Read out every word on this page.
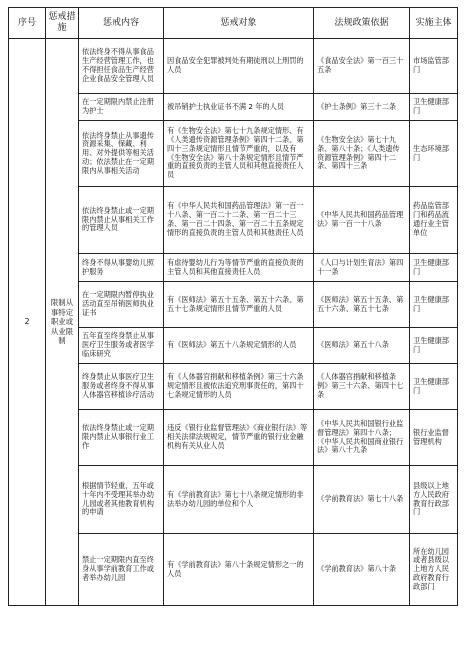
序号	惩戒措施	惩戒内容	惩戒对象	法规政策依据	实施主体
2	限制从事特定职业或从业限制	依法终身不得从事食品生产经营管理工作，也不得担任食品生产经营企业食品安全管理人员	因食品安全犯罪被判处有期徒刑以上刑罚的人员	《食品安全法》第一百三十五条	市场监管部门
		在一定期限内禁止注册为护士	被吊销护士执业证书不满 2 年的人员	《护士条例》第三十二条	卫生健康部门
		依法终身禁止从事遗传资源采集、保藏、利用、对外提供等相关活动；依法禁止在一定期限内从事相关活动	有《生物安全法》第七十九条规定情形、有《人类遗传资源管理条例》第四十二条、第四十三条规定情形且情节严重的，以及有《生物安全法》第八十条规定情形且情节严重的直接负责的主管人员和其他直接责任人员	《生物安全法》第七十九条、第八十条；《人类遗传资源管理条例》第四十二条、第四十三条	生态环境部门
		依法终身禁止或一定期限内禁止从事相关工作的管理人员	有《中华人民共和国药品管理法》第一百一十八条、第一百二十二条、第一百二十三条、第一百二十四条、第一百二十五条规定情形的直接负责的主管人员和其他责任人员	《中华人民共和国药品管理法》第一百一十八条	药品监管部门和药品流通行业主管单位
		终身不得从事婴幼儿照护服务	有虐待婴幼儿行为等情节严重的直接负责的主管人员和其他直接责任人员	《人口与计划生育法》第四十一条	卫生健康部门
		在一定期限内暂停执业活动直至吊销医师执业证书	有《医师法》第五十五条、第五十六条、第五十七条规定情形且情节严重的人员	《医师法》第五十五条、第五十六条、第五十七条	卫生健康部门
		五年直至终身禁止从事医疗卫生服务或者医学临床研究	有《医师法》第五十八条规定情形的人员	《医师法》第五十八条	卫生健康部门
		终身禁止从事医疗卫生服务或者终身不得从事人体器官移植诊疗活动	有《人体器官捐献和移植条例》第三十六条规定情形且被依法追究刑事责任的，第四十七条规定情形的人员	《人体器官捐献和移植条例》第三十六条、第四十七条	卫生健康部门
		依法终身禁止或一定期限内禁止从事银行业工作	违反《银行业监督管理法》《商业银行法》等相关法律法规规定，情节严重的银行业金融机构有关从业人员	《中华人民共和国银行业监督管理法》第四十八条；《中华人民共和国商业银行法》第八十九条	银行业监督管理机构
		根据情节轻重，五年或十年内不受理其举办幼儿园或者其他教育机构的申请	有《学前教育法》第七十八条规定情形的非法举办幼儿园的单位和个人	《学前教育法》第七十八条	县级以上地方人民政府教育行政部门
		禁止一定期限内直至终身从事学前教育工作或者举办幼儿园	有《学前教育法》第八十条规定情形之一的人员	《学前教育法》第八十条	所在幼儿园或者县级以上地方人民政府教育行政部门
